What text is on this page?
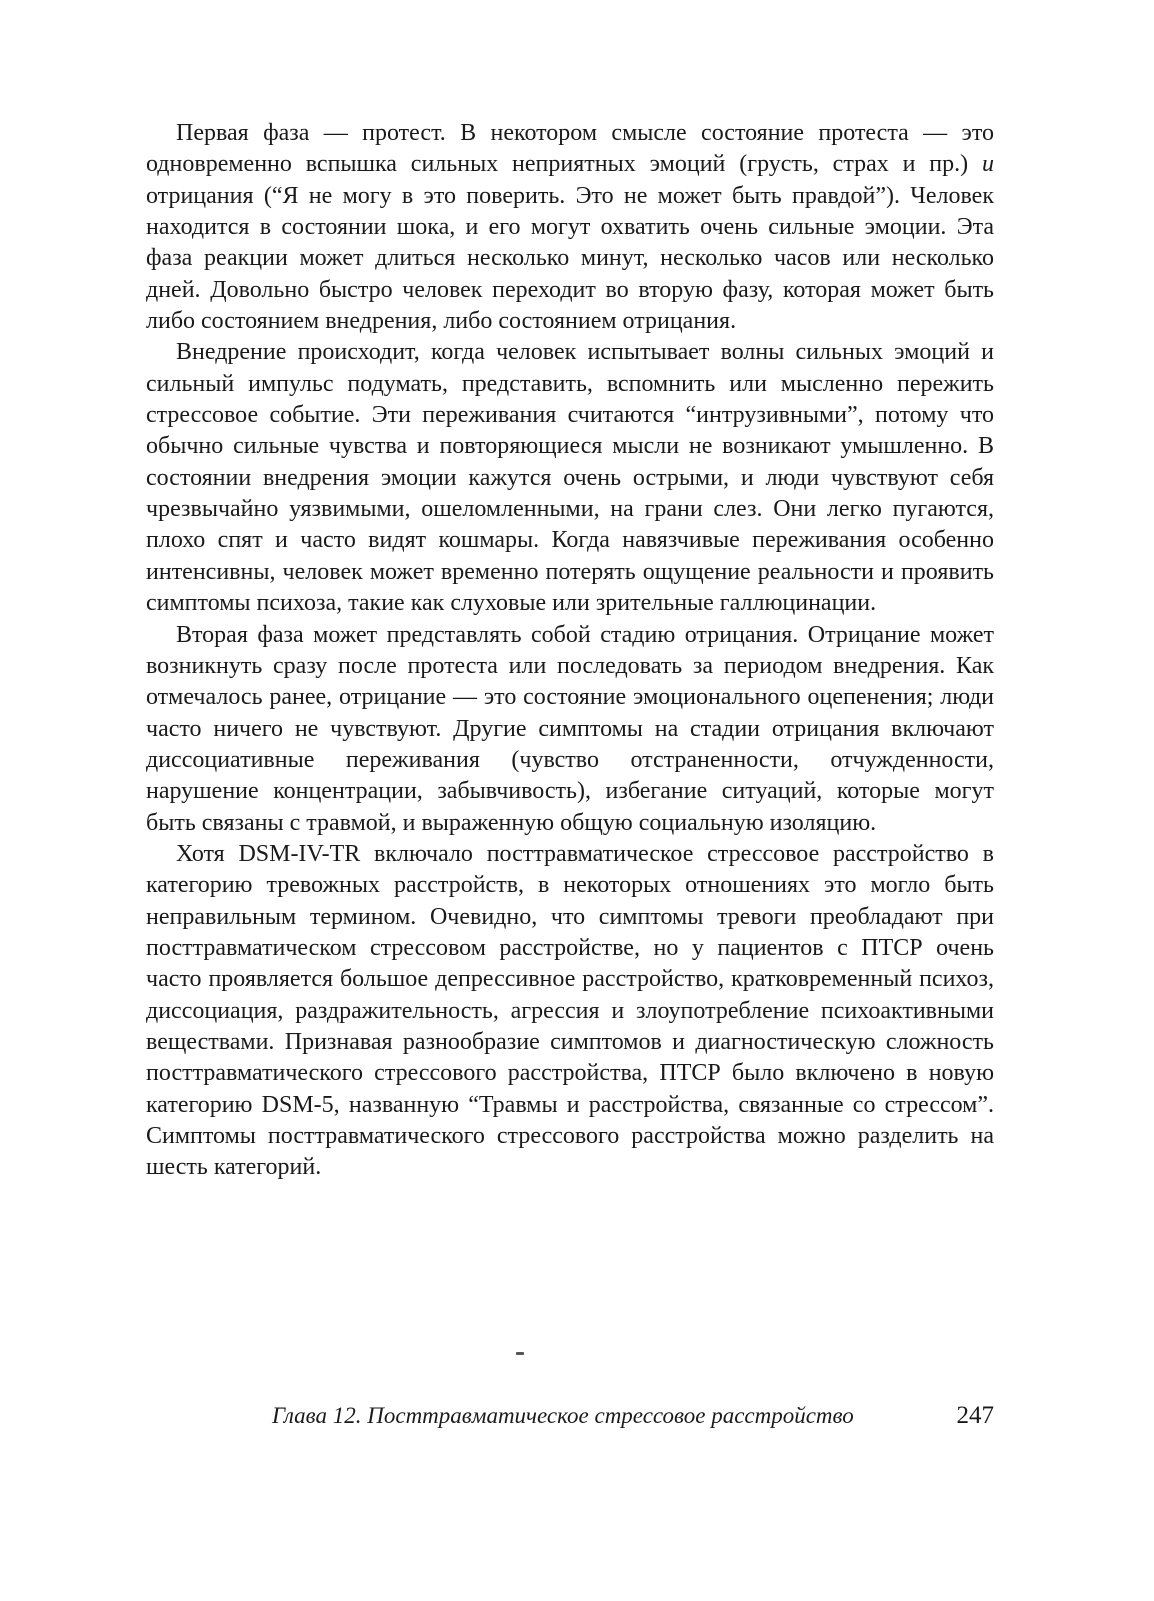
Первая фаза — протест. В некотором смысле состояние протеста — это одновременно вспышка сильных неприятных эмоций (грусть, страх и пр.) и отрицания (“Я не могу в это поверить. Это не может быть правдой”). Человек находится в состоянии шока, и его могут охватить очень сильные эмоции. Эта фаза реакции может длиться несколько минут, несколько часов или несколько дней. Довольно быстро человек переходит во вторую фазу, которая может быть либо состоянием внедрения, либо состоянием отрицания.

Внедрение происходит, когда человек испытывает волны сильных эмоций и сильный импульс подумать, представить, вспомнить или мысленно пережить стрессовое событие. Эти переживания считаются “интрузивными”, потому что обычно сильные чувства и повторяющиеся мысли не возникают умышленно. В состоянии внедрения эмоции кажутся очень острыми, и люди чувствуют себя чрезвычайно уязвимыми, ошеломленными, на грани слез. Они легко пугаются, плохо спят и часто видят кошмары. Когда навязчивые переживания особенно интенсивны, человек может временно потерять ощущение реальности и проявить симптомы психоза, такие как слуховые или зрительные галлюцинации.

Вторая фаза может представлять собой стадию отрицания. Отрицание может возникнуть сразу после протеста или последовать за периодом внедрения. Как отмечалось ранее, отрицание — это состояние эмоционального оцепенения; люди часто ничего не чувствуют. Другие симптомы на стадии отрицания включают диссоциативные переживания (чувство отстраненности, отчужденности, нарушение концентрации, забывчивость), избегание ситуаций, которые могут быть связаны с травмой, и выраженную общую социальную изоляцию.

Хотя DSM-IV-TR включало посттравматическое стрессовое расстройство в категорию тревожных расстройств, в некоторых отношениях это могло быть неправильным термином. Очевидно, что симптомы тревоги преобладают при посттравматическом стрессовом расстройстве, но у пациентов с ПТСР очень часто проявляется большое депрессивное расстройство, кратковременный психоз, диссоциация, раздражительность, агрессия и злоупотребление психоактивными веществами. Признавая разнообразие симптомов и диагностическую сложность посттравматического стрессового расстройства, ПТСР было включено в новую категорию DSM-5, названную “Травмы и расстройства, связанные со стрессом”. Симптомы посттравматического стрессового расстройства можно разделить на шесть категорий.

Глава 12. Посттравматическое стрессовое расстройство	247
